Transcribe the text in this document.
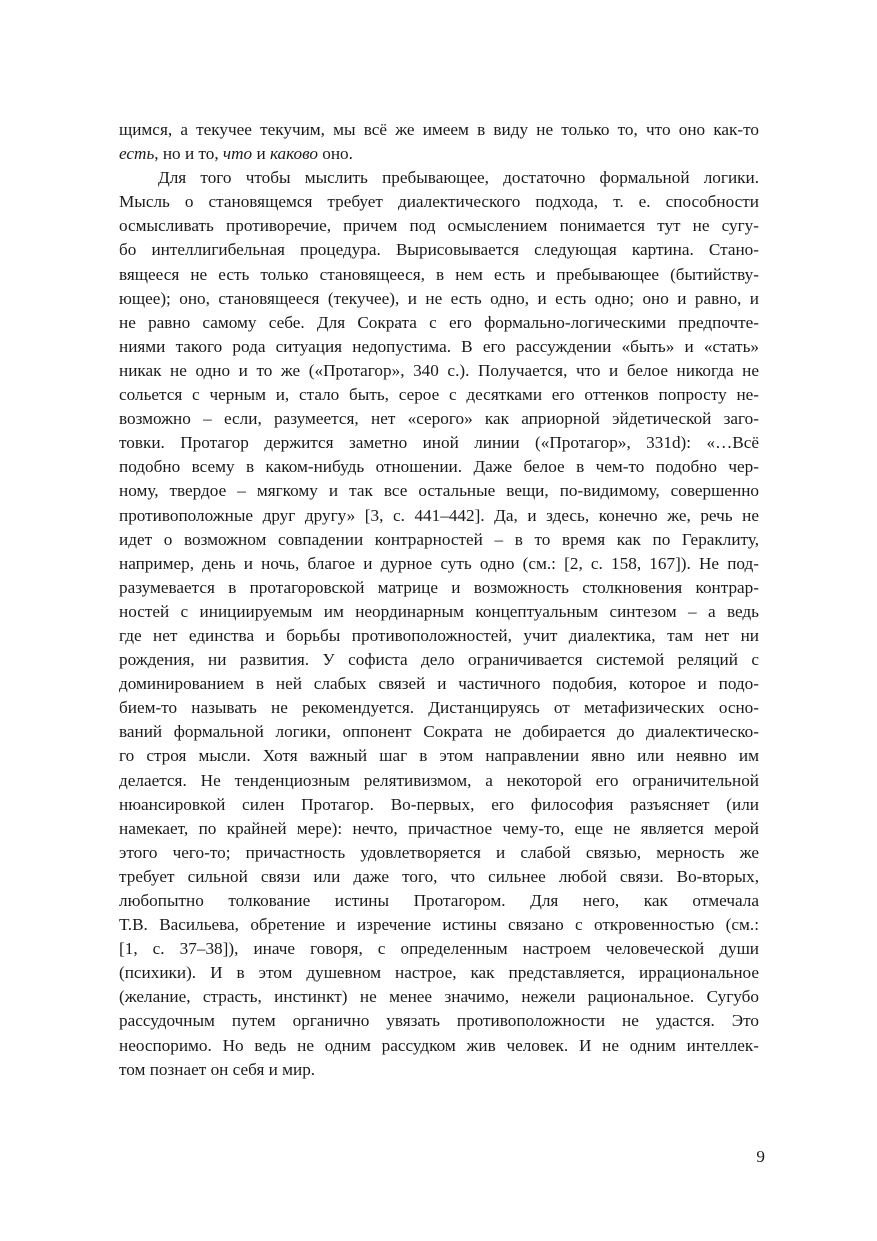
щимся, а текучее текучим, мы всё же имеем в виду не только то, что оно как-то
есть, но и то, что и каково оно.

Для того чтобы мыслить пребывающее, достаточно формальной логики.
Мысль о становящемся требует диалектического подхода, т. е. способности
осмысливать противоречие, причем под осмыслением понимается тут не сугу-
бо интеллигибельная процедура. Вырисовывается следующая картина. Стано-
вящееся не есть только становящееся, в нем есть и пребывающее (бытийству-
ющее); оно, становящееся (текучее), и не есть одно, и есть одно; оно и равно, и
не равно самому себе. Для Сократа с его формально-логическими предпочте-
ниями такого рода ситуация недопустима. В его рассуждении «быть» и «стать»
никак не одно и то же («Протагор», 340 с.). Получается, что и белое никогда не
сольется с черным и, стало быть, серое с десятками его оттенков попросту не-
возможно – если, разумеется, нет «серого» как априорной эйдетической заго-
товки. Протагор держится заметно иной линии («Протагор», 331d): «…Всё
подобно всему в каком-нибудь отношении. Даже белое в чем-то подобно чер-
ному, твердое – мягкому и так все остальные вещи, по-видимому, совершенно
противоположные друг другу» [3, с. 441–442]. Да, и здесь, конечно же, речь не
идет о возможном совпадении контрарностей – в то время как по Гераклиту,
например, день и ночь, благое и дурное суть одно (см.: [2, с. 158, 167]). Не под-
разумевается в протагоровской матрице и возможность столкновения контрар-
ностей с инициируемым им неординарным концептуальным синтезом – а ведь
где нет единства и борьбы противоположностей, учит диалектика, там нет ни
рождения, ни развития. У софиста дело ограничивается системой реляций с
доминированием в ней слабых связей и частичного подобия, которое и подо-
бием-то называть не рекомендуется. Дистанцируясь от метафизических осно-
ваний формальной логики, оппонент Сократа не добирается до диалектическо-
го строя мысли. Хотя важный шаг в этом направлении явно или неявно им
делается. Не тенденциозным релятивизмом, а некоторой его ограничительной
нюансировкой силен Протагор. Во-первых, его философия разъясняет (или
намекает, по крайней мере): нечто, причастное чему-то, еще не является мерой
этого чего-то; причастность удовлетворяется и слабой связью, мерность же
требует сильной связи или даже того, что сильнее любой связи. Во-вторых,
любопытно толкование истины Протагором. Для него, как отмечала
Т.В. Васильева, обретение и изречение истины связано с откровенностью (см.:
[1, с. 37–38]), иначе говоря, с определенным настроем человеческой души
(психики). И в этом душевном настрое, как представляется, иррациональное
(желание, страсть, инстинкт) не менее значимо, нежели рациональное. Сугубо
рассудочным путем органично увязать противоположности не удастся. Это
неоспоримо. Но ведь не одним рассудком жив человек. И не одним интеллек-
том познает он себя и мир.

9
